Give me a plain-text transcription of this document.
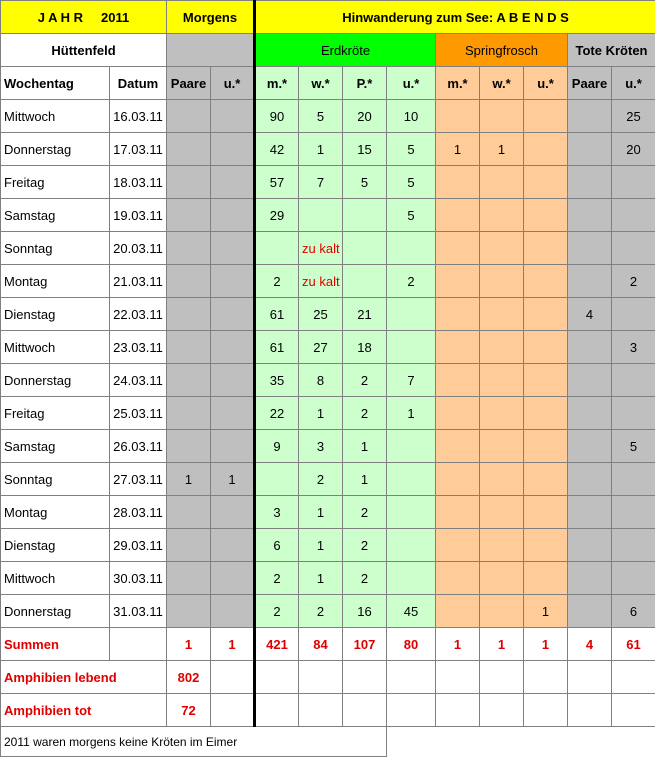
J A H R     2011		Morgens		Hinwanderung zum See: A B E N D S								
Hüttenfeld				Erdkröte				Springfrosch			Tote Kröten	
Wochentag	Datum	Paare	u.*	m.*	w.*	P.*	u.*	m.*	w.*	u.*	Paare	u.*
Mittwoch	16.03.11			90	5	20	10					25
Donnerstag	17.03.11			42	1	15	5	1	1			20
Freitag	18.03.11			57	7	5	5					
Samstag	19.03.11			29			5					
Sonntag	20.03.11				zu kalt							
Montag	21.03.11			2	zu kalt		2					2
Dienstag	22.03.11			61	25	21					4	
Mittwoch	23.03.11			61	27	18						3
Donnerstag	24.03.11			35	8	2	7					
Freitag	25.03.11			22	1	2	1					
Samstag	26.03.11			9	3	1						5
Sonntag	27.03.11	1	1		2	1						
Montag	28.03.11			3	1	2						
Dienstag	29.03.11			6	1	2						
Mittwoch	30.03.11			2	1	2						
Donnerstag	31.03.11			2	2	16	45			1		6
Summen		1	1	421	84	107	80	1	1	1	4	61
Amphibien lebend		802										
Amphibien tot		72										
2011 waren morgens keine Kröten im Eimer												
